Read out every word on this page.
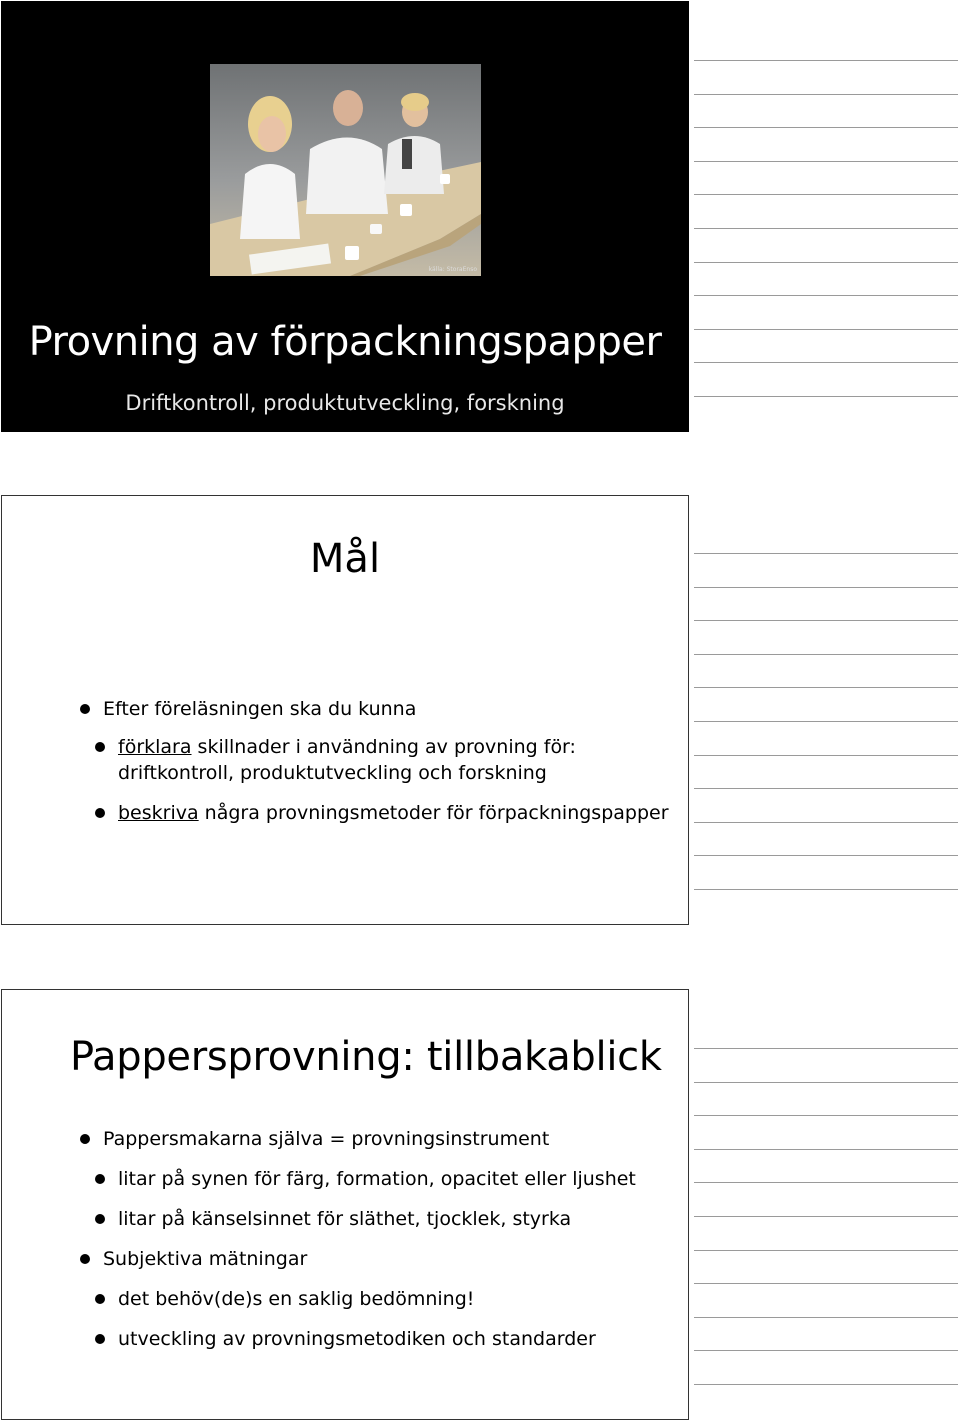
källa: StoraEnso
Provning av förpackningspapper

Driftkontroll, produktutveckling, forskning

Mål
Efter föreläsningen ska du kunna
förklara skillnader i användning av provning för:
driftkontroll, produktutveckling och forskning
beskriva några provningsmetoder för förpackningspapper
Pappersprovning: tillbakablick
Pappersmakarna själva = provningsinstrument
litar på synen för färg, formation, opacitet eller ljushet
litar på känselsinnet för släthet, tjocklek, styrka
Subjektiva mätningar
det behöv(de)s en saklig bedömning!
utveckling av provningsmetodiken och standarder
